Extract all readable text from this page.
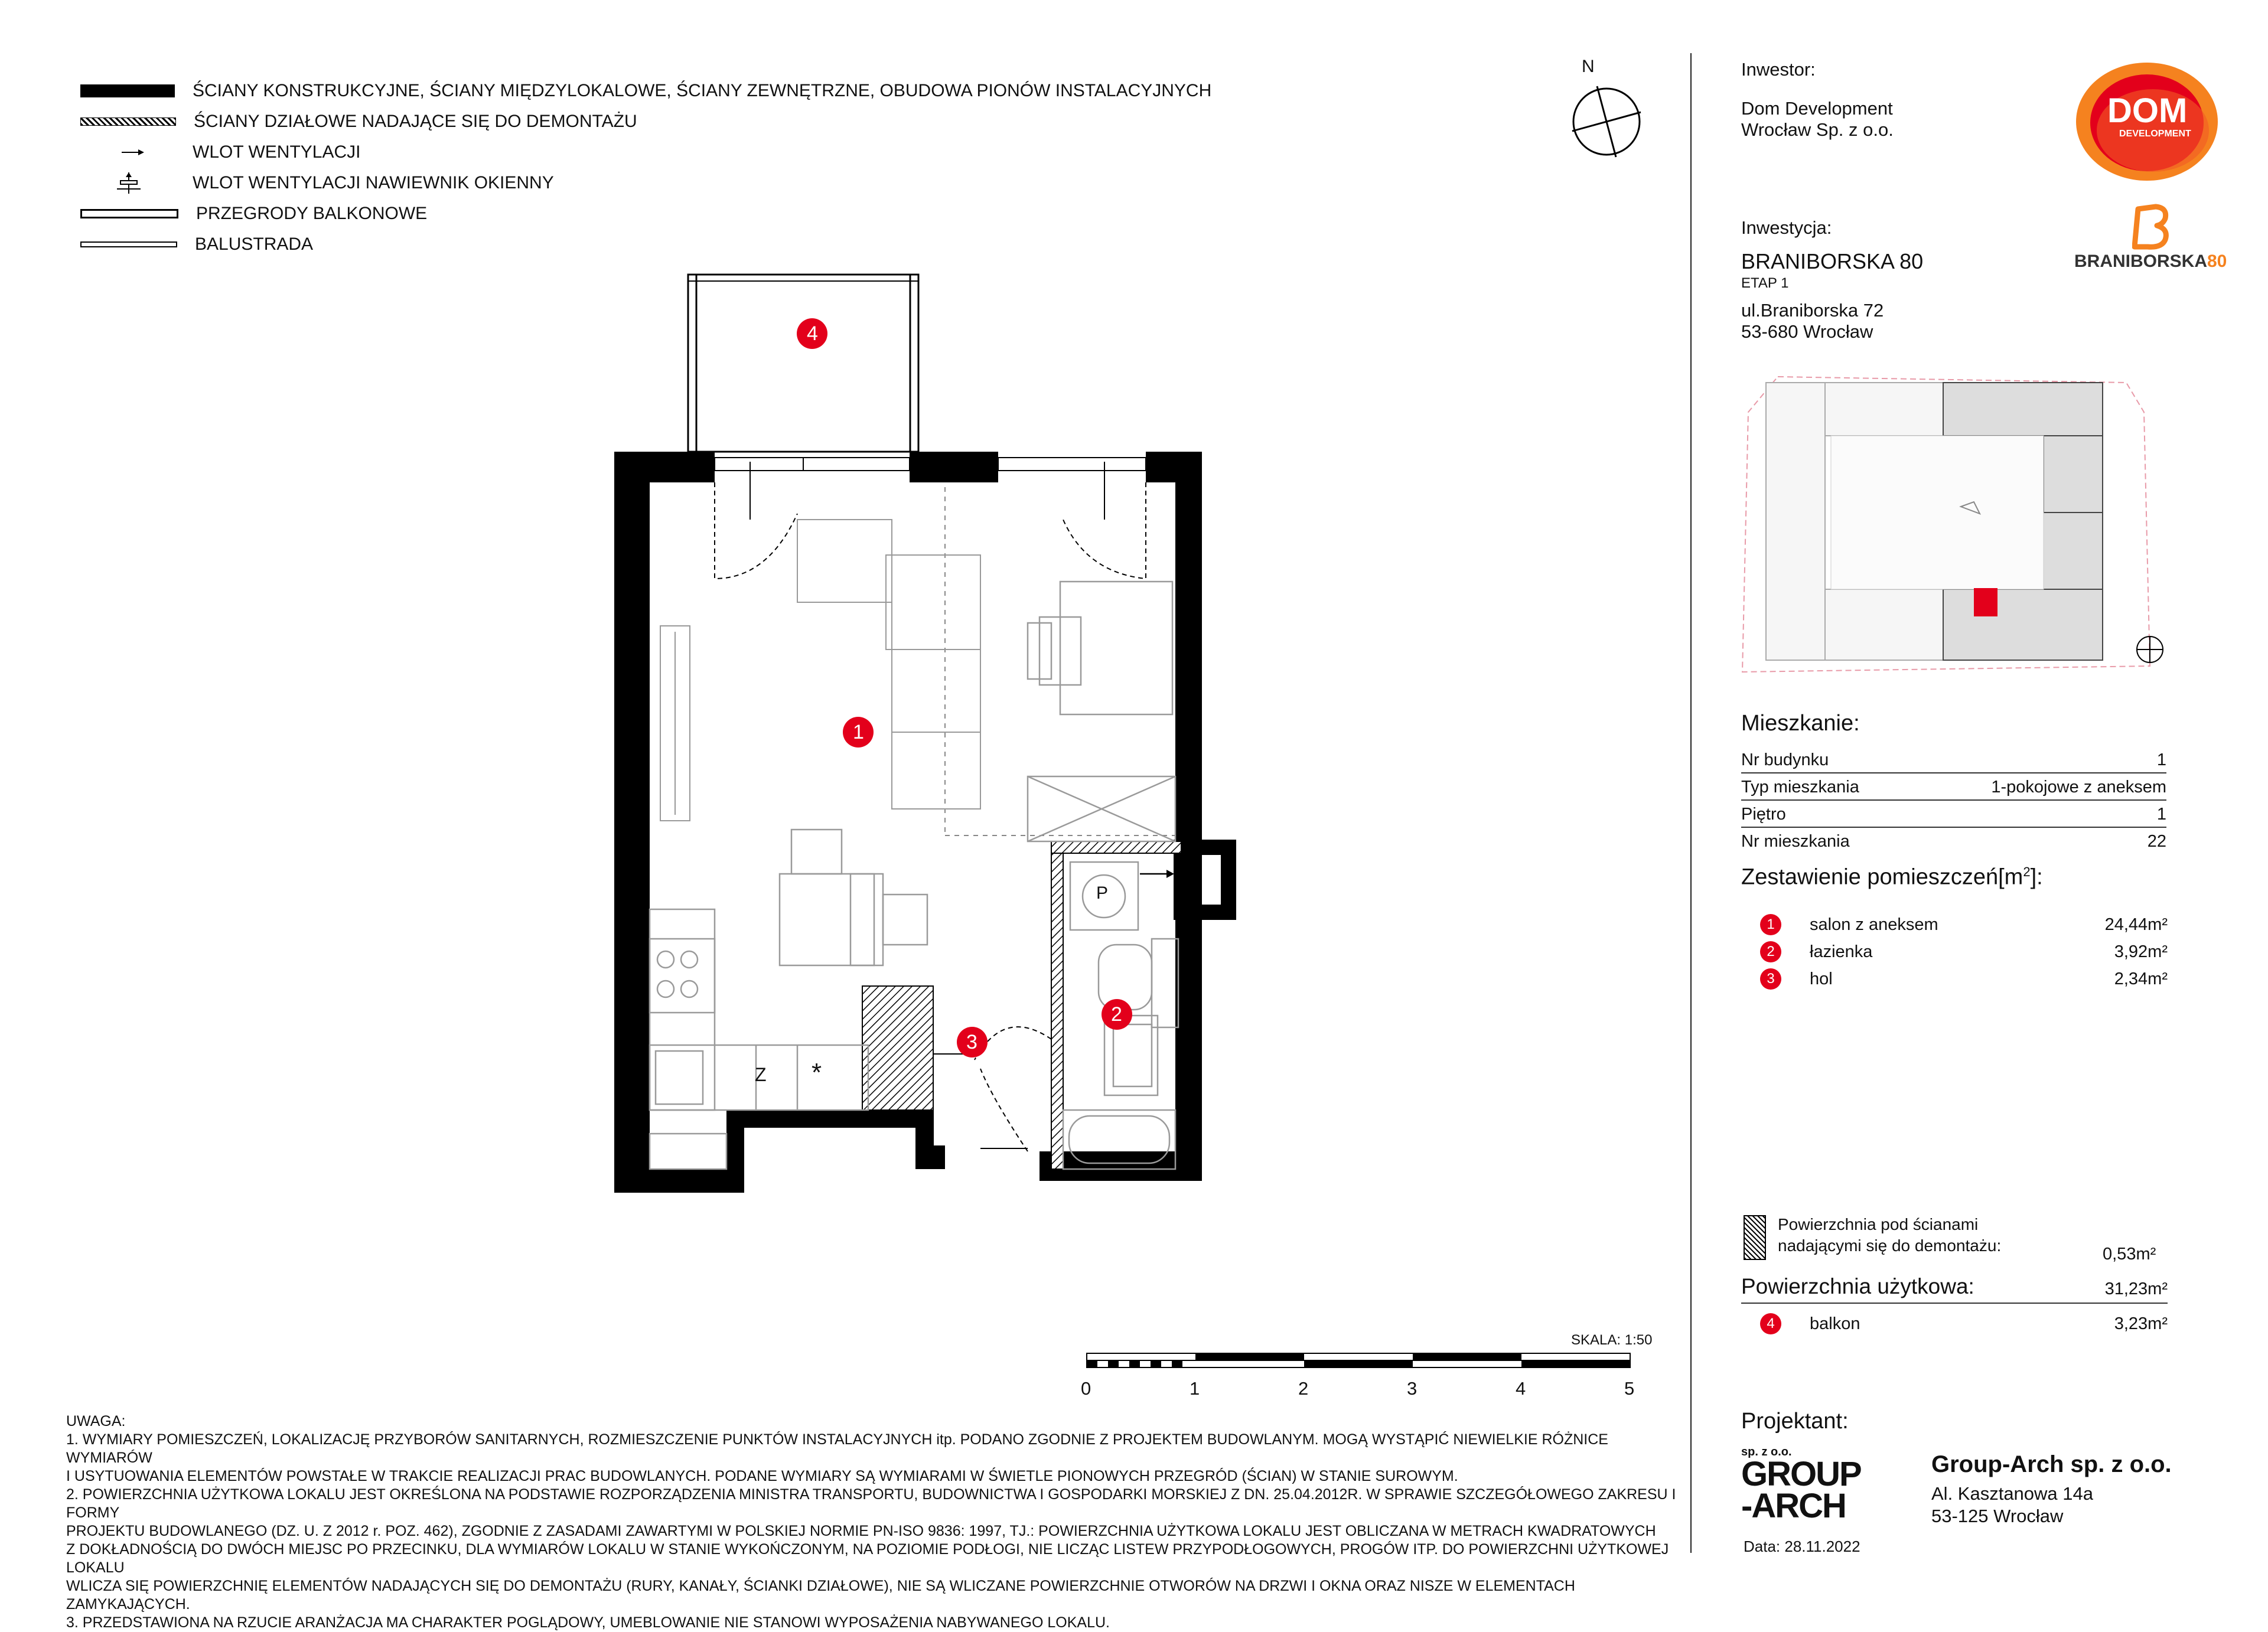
ŚCIANY KONSTRUKCYJNE, ŚCIANY MIĘDZYLOKALOWE, ŚCIANY ZEWNĘTRZNE, OBUDOWA PIONÓW INSTALACYJNYCH
ŚCIANY DZIAŁOWE NADAJĄCE SIĘ DO DEMONTAŻU
WLOT WENTYLACJI
WLOT WENTYLACJI NAWIEWNIK OKIENNY
PRZEGRODY BALKONOWE
BALUSTRADA
N
4
1
2
3
P
Z *
SKALA: 1:50
0	1	2	3	4	5

UWAGA:

1. WYMIARY POMIESZCZEŃ, LOKALIZACJĘ PRZYBORÓW SANITARNYCH, ROZMIESZCZENIE PUNKTÓW INSTALACYJNYCH itp. PODANO ZGODNIE Z PROJEKTEM BUDOWLANYM. MOGĄ WYSTĄPIĆ NIEWIELKIE RÓŻNICE WYMIARÓW

I USYTUOWANIA ELEMENTÓW POWSTAŁE W TRAKCIE REALIZACJI PRAC BUDOWLANYCH. PODANE WYMIARY SĄ WYMIARAMI W ŚWIETLE PIONOWYCH PRZEGRÓD (ŚCIAN) W STANIE SUROWYM.

2. POWIERZCHNIA UŻYTKOWA LOKALU JEST OKREŚLONA NA PODSTAWIE ROZPORZĄDZENIA MINISTRA TRANSPORTU, BUDOWNICTWA I GOSPODARKI MORSKIEJ Z DN. 25.04.2012R. W SPRAWIE SZCZEGÓŁOWEGO ZAKRESU I FORMY

PROJEKTU BUDOWLANEGO (DZ. U. Z 2012 r. POZ. 462), ZGODNIE Z ZASADAMI ZAWARTYMI W POLSKIEJ NORMIE PN-ISO 9836: 1997, TJ.: POWIERZCHNIA UŻYTKOWA LOKALU JEST OBLICZANA W METRACH KWADRATOWYCH

Z DOKŁADNOŚCIĄ DO DWÓCH MIEJSC PO PRZECINKU, DLA WYMIARÓW LOKALU W STANIE WYKOŃCZONYM, NA POZIOMIE PODŁOGI, NIE LICZĄC LISTEW PRZYPODŁOGOWYCH, PROGÓW ITP. DO POWIERZCHNI UŻYTKOWEJ LOKALU

WLICZA SIĘ POWIERZCHNIĘ ELEMENTÓW NADAJĄCYCH SIĘ DO DEMONTAŻU (RURY, KANAŁY, ŚCIANKI DZIAŁOWE), NIE SĄ WLICZANE POWIERZCHNIE OTWORÓW NA DRZWI I OKNA ORAZ NISZE W ELEMENTACH ZAMYKAJĄCYCH.

3. PRZEDSTAWIONA NA RZUCIE ARANŻACJA MA CHARAKTER POGLĄDOWY, UMEBLOWANIE NIE STANOWI WYPOSAŻENIA NABYWANEGO LOKALU.

Inwestor:
Dom Development
Wrocław Sp. z o.o.	DOM
DEVELOPMENT
Inwestycja:
BRANIBORSKA 80
ETAP 1
ul.Braniborska 72
53-680 Wrocław
BRANIBORSKA80
Mieszkanie:
Nr budynku	1
Typ mieszkania	1-pokojowe z aneksem
Piętro	1
Nr mieszkania	22
Zestawienie $pomieszczeń[m^2]$:
1	salon z aneksem	24,44m²
2	łazienka	3,92m²
3	hol	2,34m²
Powierzchnia pod ścianami
nadającymi się do demontażu:	0,53m²
Powierzchnia użytkowa:	31,23m²
4	balkon	3,23m²
Projektant:
sp. z o.o.
GROUP
-ARCH
Group-Arch sp. z o.o.
Al. Kasztanowa 14a
53-125 Wrocław
Data: 28.11.2022
